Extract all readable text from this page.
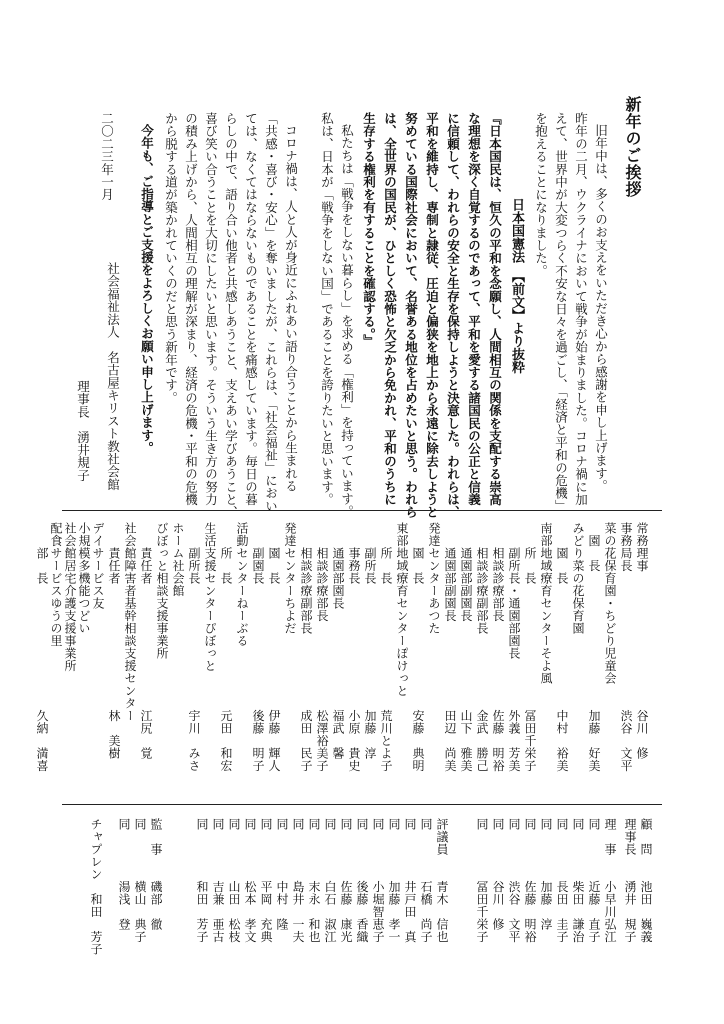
新年のご挨拶
旧年中は、多くのお支えをいただき心から感謝を申し上げます。
昨年の二月、ウクライナにおいて戦争が始まりました。コロナ禍に加
えて、世界中が大変つらく不安な日々を過ごし、「経済と平和の危機」
を抱えることになりました。
日本国憲法　【前文】より抜粋
『日本国民は、恒久の平和を念願し、人間相互の関係を支配する崇高
な理想を深く自覚するのであって、平和を愛する諸国民の公正と信義
に信頼して、われらの安全と生存を保持しようと決意した。われらは、
平和を維持し、専制と隷従、圧迫と偏狭を地上から永遠に除去しようと
努めている国際社会において、名誉ある地位を占めたいと思う。われら
は、全世界の国民が、ひとしく恐怖と欠乏から免かれ、平和のうちに
生存する権利を有することを確認する。』
私たちは「戦争をしない暮らし」を求める「権利」を持っています。
私は、日本が「戦争をしない国」であることを誇りたいと思います。
コロナ禍は、人と人が身近にふれあい語り合うことから生まれる
「共感・喜び・安心」を奪いましたが、これらは、「社会福祉」におい
ては、なくてはならないものであることを痛感しています。毎日の暮
らしの中で、語り合い他者と共感しあうこと、支えあい学びあうこと、
喜び笑い合うことを大切にしたいと思います。そういう生き方の努力
の積み上げから、人間相互の理解が深まり、経済の危機・平和の危機
から脱する道が築かれていくのだと思う新年です。
今年も、ご指導とご支援をよろしくお願い申し上げます。
二〇二三年一月
社会福祉法人　名古屋キリスト教社会館
理事長　湧井規子
常務理事　　　　　　　　　　　谷川　修
事務局長　　　　　　　　　　　渋谷　文平
菜の花保育園・ちどり児童会
　園　長　　　　　　　　　　　加藤　好美
みどり菜の花保育園
　　園　長　　　　　　　　　　中村　裕美
南部地域療育センターそよ風
　　所　長　　　　　　　　　　冨田千栄子
　　副所長・通園部園長　　　　外義　芳美
　　相談診療部長　　　　　　　佐藤　明裕
　　相談診療副部長　　　　　　金武　勝己
　　通園部副園長　　　　　　　山下　雅美
　　通園部副園長　　　　　　　田辺　尚美
発達センターあつた
　　園　長　　　　　　　　　　安藤　典明
東部地域療育センターぽけっと
　　所　長　　　　　　　　　　荒川とよ子
　　副所長　　　　　　　　　　加藤　淳
　　事務長　　　　　　　　　　小原　貴史
　　通園部園長　　　　　　　　福武　馨
　　相談診療部長　　　　　　　松澤裕美子
　　相談診療副部長　　　　　　成田　民子
発達センターちよだ
　　園　長　　　　　　　　　　伊藤　輝人
　　副園長　　　　　　　　　　後藤　明子
活動センターねーぶる
　　所　長　　　　　　　　　　元田　和宏
生活支援センターぴぼっと
　　副所長　　　　　　　　　　宇川　みさ
ホーム社会館
びぼっと相談支援事業所
　　責任者　　　　　　　　　　江尻　覚
社会館障害者基幹相談支援センター
　　責任者　　　　　　　　　　林　美樹
デイサービス友
小規模多機能つどい
社会館居宅介護支援事業所
配食サービスゆうの里
　　部　長　　　　　　　　　　久納　満喜
顧　問　　池田　巍義
理事長　　湧井　規子
理　事　　小早川弘江
同　　　　近藤　直子
同　　　　柴田　謙治
同　　　　長田　圭子
同　　　　加藤　淳
同　　　　佐藤　明裕
同　　　　渋谷　文平
同　　　　谷川　修
同　　　　冨田千栄子
評議員　　青木　信也
同　　　　石橋　尚子
同　　　　井戸田　真
同　　　　加藤　孝一
同　　　　小堀智恵子
同　　　　後藤　香織
同　　　　佐藤　康光
同　　　　白石　淑江
同　　　　末永　和也
同　　　　島井　一夫
同　　　　中村　隆
同　　　　平岡　充典
同　　　　松本　孝文
同　　　　山田　松枝
同　　　　吉兼　亜古
同　　　　和田　芳子
監　事　　磯部　徹
同　　　　横山　典子
同　　　　湯浅　登
チャプレン　和田　芳子
